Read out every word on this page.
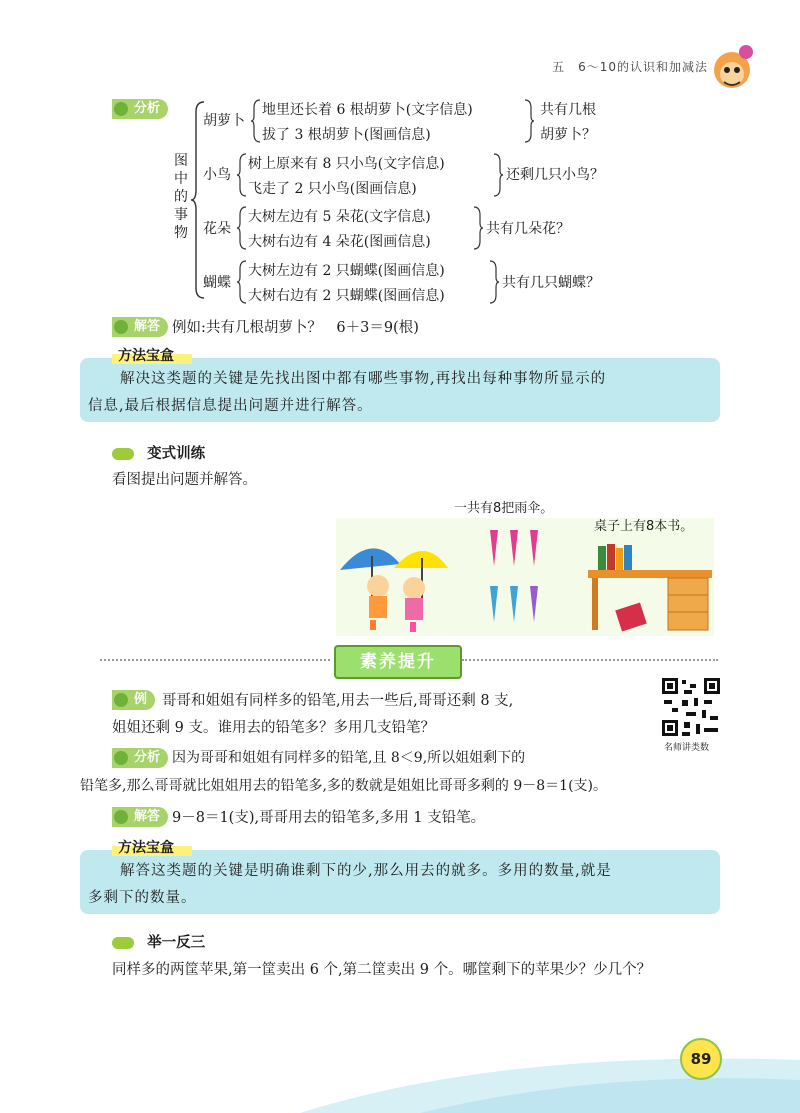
五　6～10的认识和加减法
分析
图
中
的
事
物
胡萝卜
地里还长着 6 根胡萝卜(文字信息)
拔了 3 根胡萝卜(图画信息)
共有几根
胡萝卜？
小鸟
树上原来有 8 只小鸟(文字信息)
飞走了 2 只小鸟(图画信息)
还剩几只小鸟？
花朵
大树左边有 5 朵花(文字信息)
大树右边有 4 朵花(图画信息)
共有几朵花？
蝴蝶
大树左边有 2 只蝴蝶(图画信息)
大树右边有 2 只蝴蝶(图画信息)
共有几只蝴蝶？
解答 例如:共有几根胡萝卜？　6＋3＝9(根)
方法宝盒
解决这类题的关键是先找出图中都有哪些事物,再找出每种事物所显示的
信息,最后根据信息提出问题并进行解答。
变式训练
看图提出问题并解答。
一共有8把雨伞。
桌子上有8本书。
素养提升
例	哥哥和姐姐有同样多的铅笔,用去一些后,哥哥还剩 8 支,
姐姐还剩 9 支。谁用去的铅笔多？多用几支铅笔？
名师讲类数
分析 因为哥哥和姐姐有同样多的铅笔,且 8＜9,所以姐姐剩下的
铅笔多,那么哥哥就比姐姐用去的铅笔多,多的数就是姐姐比哥哥多剩的 9－8＝1(支)。
解答 9－8＝1(支),哥哥用去的铅笔多,多用 1 支铅笔。
方法宝盒
解答这类题的关键是明确谁剩下的少,那么用去的就多。多用的数量,就是
多剩下的数量。
举一反三
同样多的两筐苹果,第一筐卖出 6 个,第二筐卖出 9 个。哪筐剩下的苹果少？少几个？
89
